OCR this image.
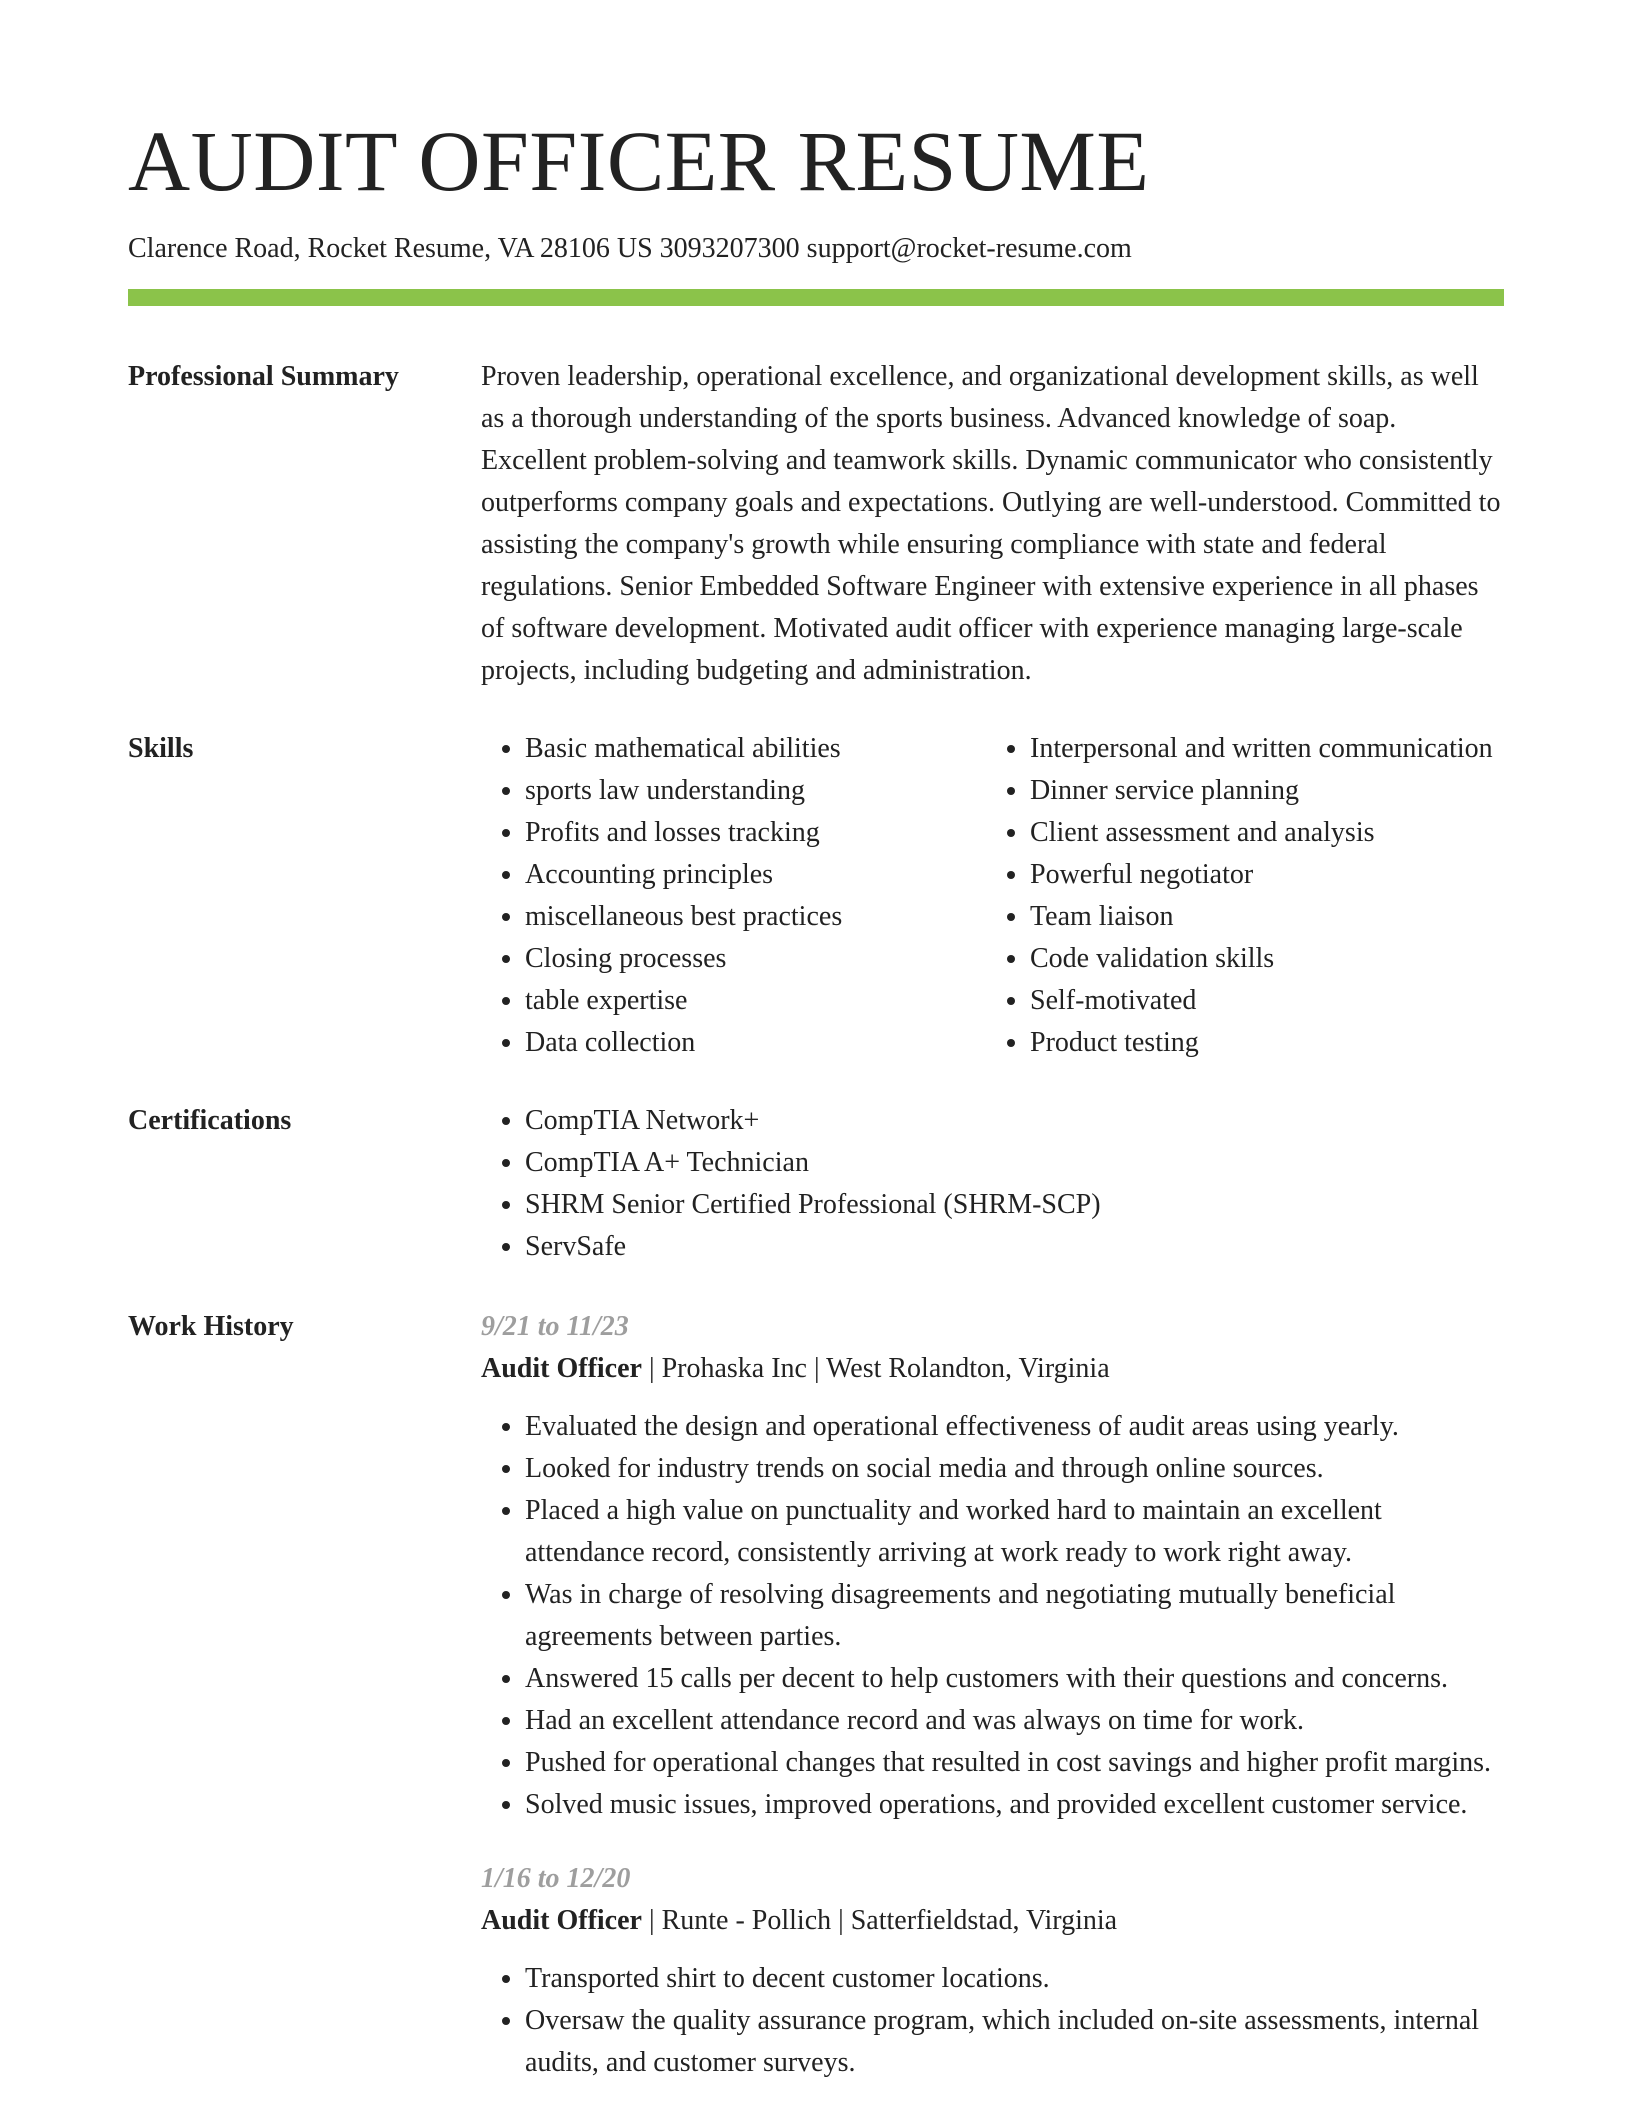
AUDIT OFFICER RESUME
Clarence Road, Rocket Resume, VA 28106 US 3093207300 support@rocket-resume.com
Professional Summary	Proven leadership, operational excellence, and organizational development skills, as well as a thorough understanding of the sports business. Advanced knowledge of soap. Excellent problem-solving and teamwork skills. Dynamic communicator who consistently outperforms company goals and expectations. Outlying are well-understood. Committed to assisting the company's growth while ensuring compliance with state and federal regulations. Senior Embedded Software Engineer with extensive experience in all phases of software development. Motivated audit officer with experience managing large-scale projects, including budgeting and administration.

Skills	• Basic mathematical abilities
• sports law understanding
• Profits and losses tracking
• Accounting principles
• miscellaneous best practices
• Closing processes
• table expertise
• Data collection
• Interpersonal and written communication
• Dinner service planning
• Client assessment and analysis
• Powerful negotiator
• Team liaison
• Code validation skills
• Self-motivated
• Product testing
Certifications	• CompTIA Network+
• CompTIA A+ Technician
• SHRM Senior Certified Professional (SHRM-SCP)
• ServSafe
Work History	9/21 to 11/23
Audit Officer | Prohaska Inc | West Rolandton, Virginia
• Evaluated the design and operational effectiveness of audit areas using yearly.
• Looked for industry trends on social media and through online sources.
• Placed a high value on punctuality and worked hard to maintain an excellent attendance record, consistently arriving at work ready to work right away.
• Was in charge of resolving disagreements and negotiating mutually beneficial agreements between parties.
• Answered 15 calls per decent to help customers with their questions and concerns.
• Had an excellent attendance record and was always on time for work.
• Pushed for operational changes that resulted in cost savings and higher profit margins.
• Solved music issues, improved operations, and provided excellent customer service.
1/16 to 12/20
Audit Officer | Runte - Pollich | Satterfieldstad, Virginia
• Transported shirt to decent customer locations.
• Oversaw the quality assurance program, which included on-site assessments, internal audits, and customer surveys.
